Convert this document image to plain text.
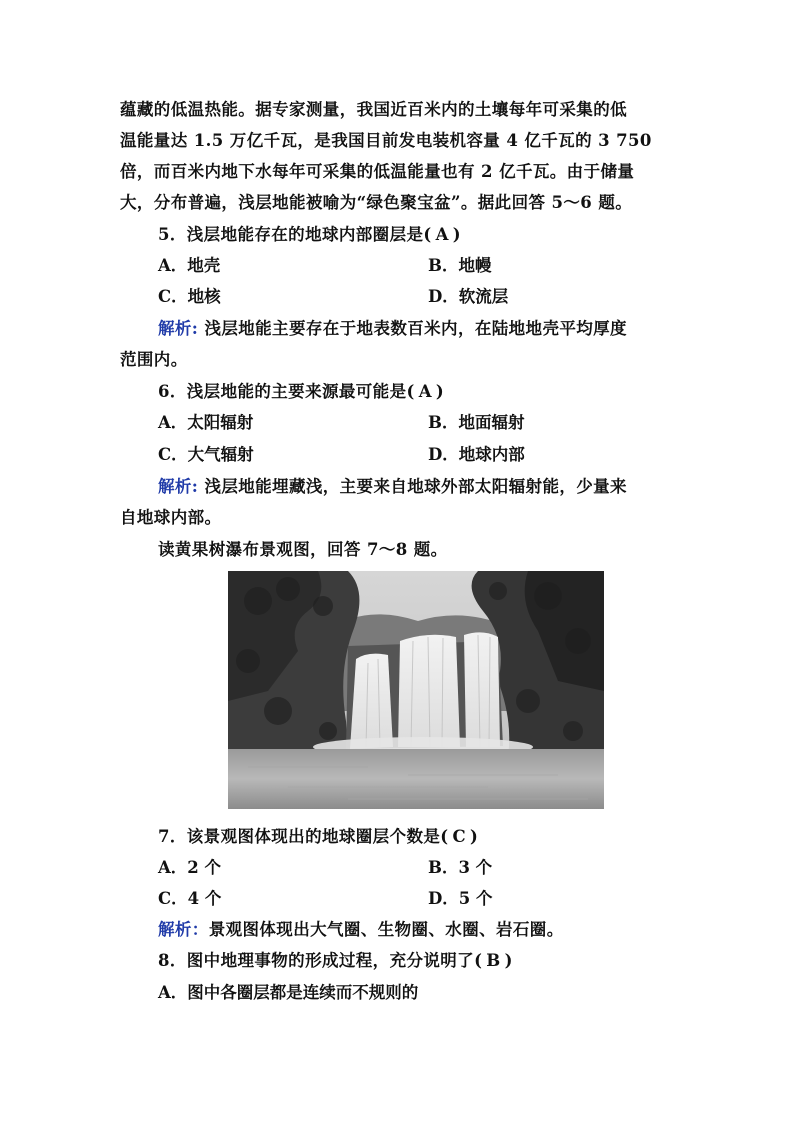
蕴藏的低温热能。据专家测量，我国近百米内的土壤每年可采集的低
温能量达 1.5 万亿千瓦，是我国目前发电装机容量 4 亿千瓦的 3 750
倍，而百米内地下水每年可采集的低温能量也有 2 亿千瓦。由于储量
大，分布普遍，浅层地能被喻为“绿色聚宝盆”。据此回答 5～6 题。
5．浅层地能存在的地球内部圈层是( A )
A．地壳	B．地幔
C．地核	D．软流层
解析: 浅层地能主要存在于地表数百米内，在陆地地壳平均厚度
范围内。
6．浅层地能的主要来源最可能是( A )
A．太阳辐射	B．地面辐射
C．大气辐射	D．地球内部
解析: 浅层地能埋藏浅，主要来自地球外部太阳辐射能，少量来
自地球内部。
读黄果树瀑布景观图，回答 7～8 题。
7．该景观图体现出的地球圈层个数是( C )
A．2 个	B．3 个
C．4 个	D．5 个
解析：景观图体现出大气圈、生物圈、水圈、岩石圈。
8．图中地理事物的形成过程，充分说明了( B )
A．图中各圈层都是连续而不规则的
